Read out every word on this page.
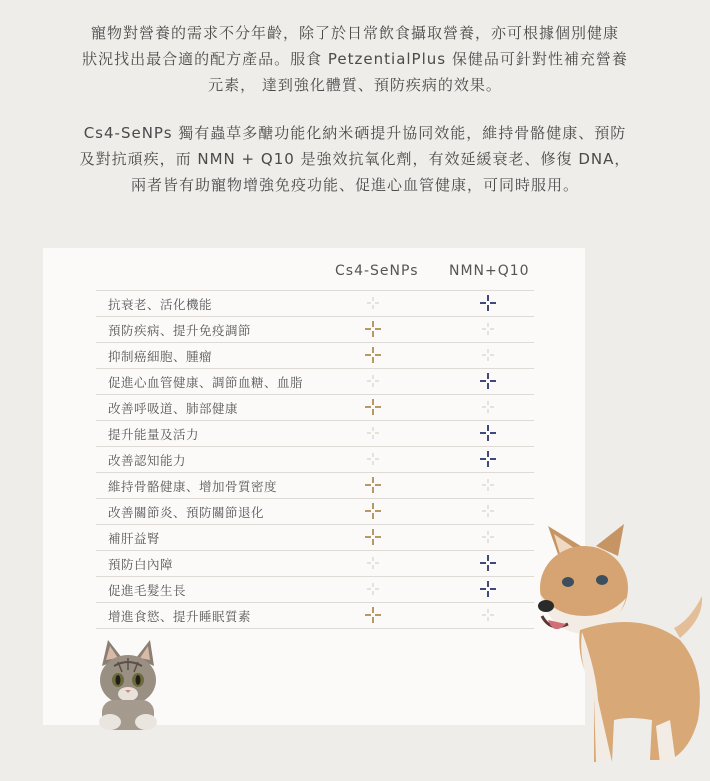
寵物對營養的需求不分年齡，除了於日常飲食攝取營養，亦可根據個別健康

狀況找出最合適的配方產品。服食 PetzentialPlus 保健品可針對性補充營養

元素， 達到強化體質、預防疾病的效果。

Cs4-SeNPs 獨有蟲草多醣功能化納米硒提升協同效能，維持骨骼健康、預防

及對抗頑疾，而 NMN + Q10 是強效抗氧化劑，有效延緩衰老、修復 DNA，

兩者皆有助寵物增強免疫功能、促進心血管健康，可同時服用。

Cs4-SeNPs NMN+Q10
抗衰老、活化機能
預防疾病、提升免疫調節
抑制癌細胞、腫瘤
促進心血管健康、調節血糖、血脂
改善呼吸道、肺部健康
提升能量及活力
改善認知能力
維持骨骼健康、增加骨質密度
改善關節炎、預防關節退化
補肝益腎
預防白內障
促進毛髮生長
增進食慾、提升睡眠質素
